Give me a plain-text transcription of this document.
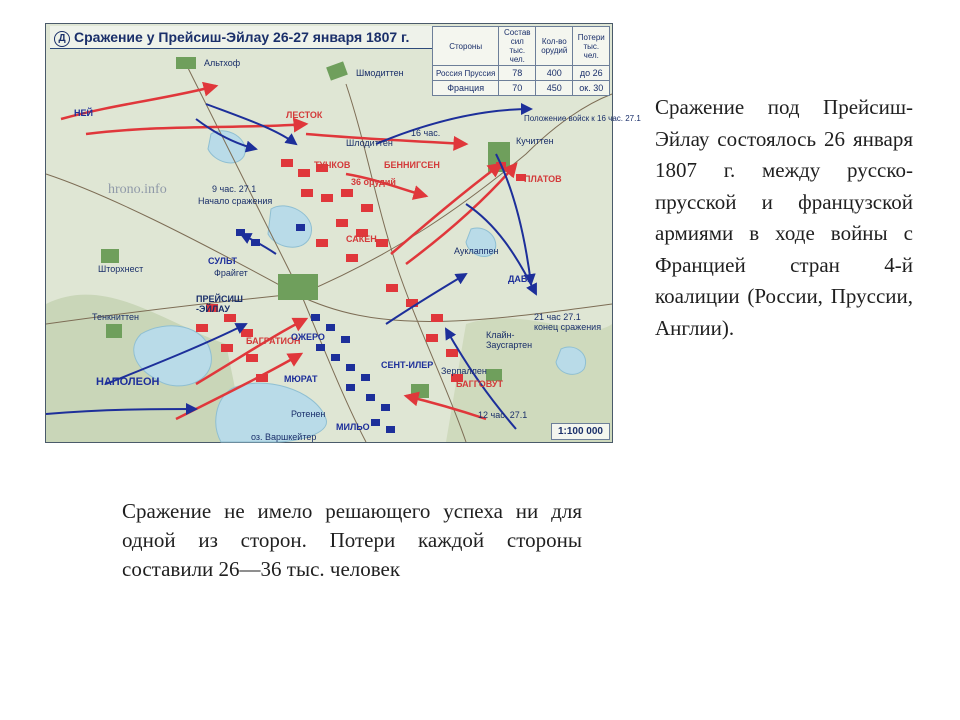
Д Сражение у Прейсиш-Эйлау 26-27 января 1807 г.
Стороны	Состав сил тыс. чел.	Кол-во орудий	Потери тыс. чел.
Россия Пруссия	78	400	до 26
Франция	70	450	ок. 30
Альтхоф
Шмодиттен
Шлодиттен
НЕЙ	ЛЕСТОК
ТУЧКОВ	БЕННИГСЕН
36 орудий
16 час.
Положение войск к 16 час. 27.1
Кучиттен
ПЛАТОВ
9 час. 27.1
Начало сражения
СУЛЬТ
Фрайгет
САКЕН
Шторхнест
Тенкниттен
ПРЕЙСИШ -ЭЙЛАУ
БАГРАТИОН
ОЖЕРО
НАПОЛЕОН
Ауклаппен
ДАВУ
21 час 27.1
конец сражения
Клайн-Заусгартен
СЕНТ-ИЛЕР
Зерпаллен
БАГГОВУТ
МЮРАТ
Ротенен
МИЛЬО
12 час. 27.1
оз. Варшкейтер
hrono.info
1:100 000
Сражение под Прейсиш-Эйлау состоялось 26 января 1807 г. между русско-прусской и французской армиями в ходе войны с Францией стран 4-й коалиции (России, Пруссии, Англии).
Сражение не имело решающего успеха ни для одной из сторон. Потери каждой стороны составили 26—36 тыс. человек
